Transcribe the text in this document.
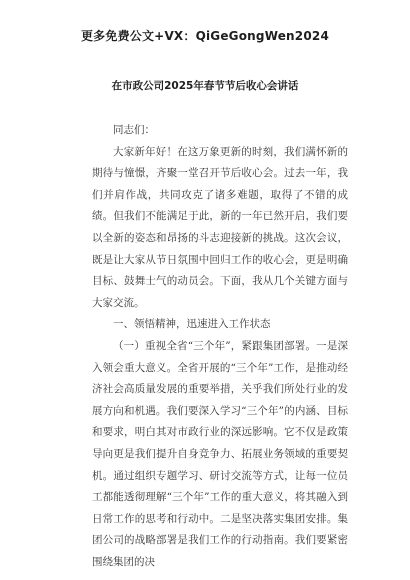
更多免费公文+VX：QiGeGongWen2024
在市政公司2025年春节节后收心会讲话

同志们：

大家新年好！在这万象更新的时刻，我们满怀新的期待与憧憬，齐聚一堂召开节后收心会。过去一年，我们并肩作战，共同攻克了诸多难题，取得了不错的成绩。但我们不能满足于此，新的一年已然开启，我们要以全新的姿态和昂扬的斗志迎接新的挑战。这次会议，既是让大家从节日氛围中回归工作的收心会，更是明确目标、鼓舞士气的动员会。下面，我从几个关键方面与大家交流。

一、领悟精神，迅速进入工作状态

（一）重视全省“三个年”，紧跟集团部署。一是深入领会重大意义。全省开展的“三个年”工作，是推动经济社会高质量发展的重要举措，关乎我们所处行业的发展方向和机遇。我们要深入学习“三个年”的内涵、目标和要求，明白其对市政行业的深远影响。它不仅是政策导向更是我们提升自身竞争力、拓展业务领域的重要契机。通过组织专题学习、研讨交流等方式，让每一位员工都能透彻理解“三个年”工作的重大意义，将其融入到日常工作的思考和行动中。二是坚决落实集团安排。集团公司的战略部署是我们工作的行动指南。我们要紧密围绕集团的决
